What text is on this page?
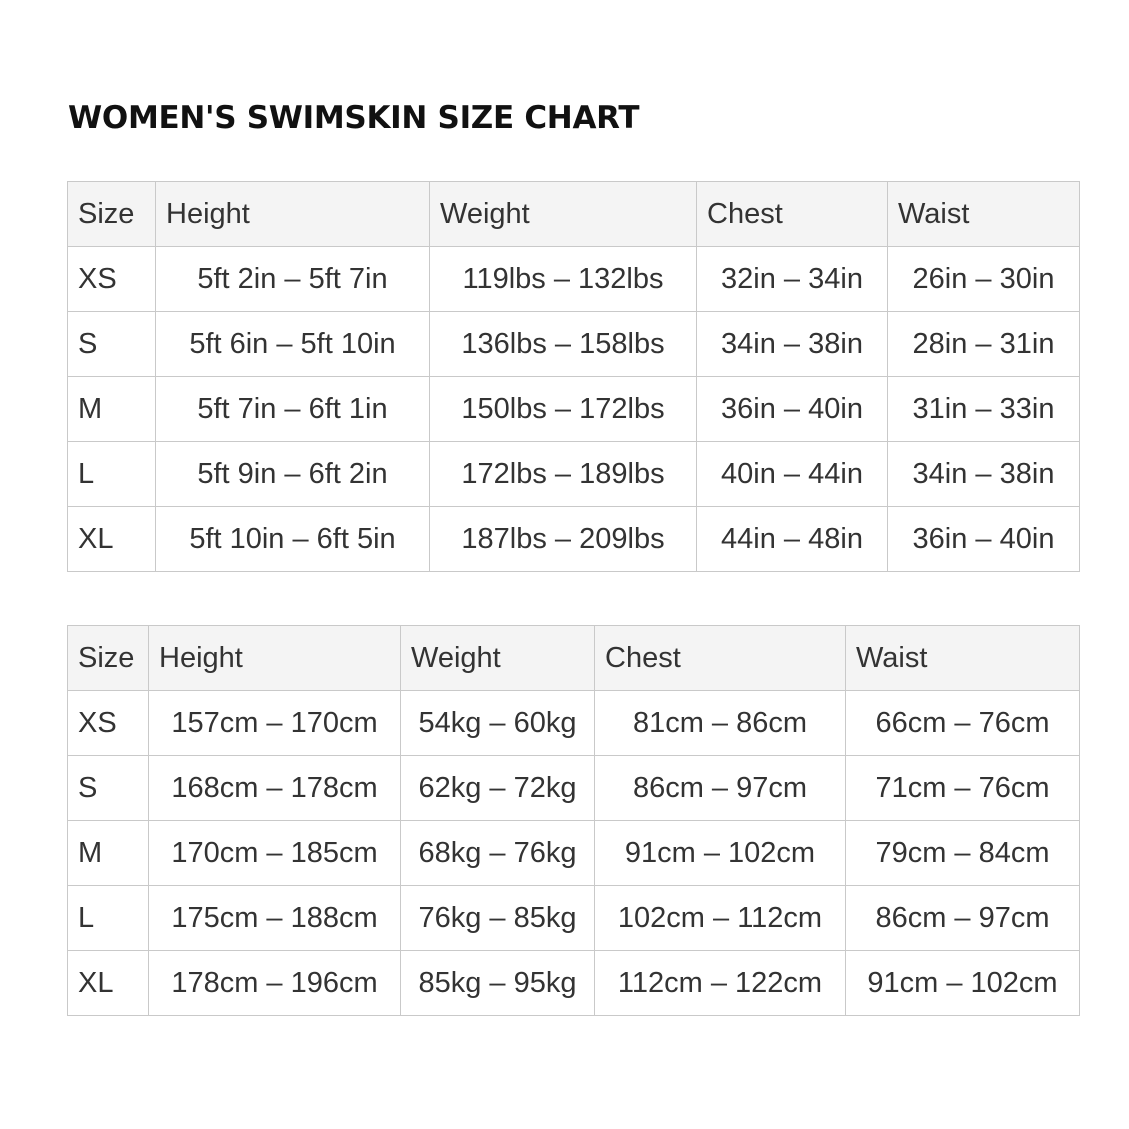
WOMEN'S SWIMSKIN SIZE CHART
Size	Height	Weight	Chest	Waist
XS	5ft 2in – 5ft 7in	119lbs – 132lbs	32in – 34in	26in – 30in
S	5ft 6in – 5ft 10in	136lbs – 158lbs	34in – 38in	28in – 31in
M	5ft 7in – 6ft 1in	150lbs – 172lbs	36in – 40in	31in – 33in
L	5ft 9in – 6ft 2in	172lbs – 189lbs	40in – 44in	34in – 38in
XL	5ft 10in – 6ft 5in	187lbs – 209lbs	44in – 48in	36in – 40in
Size	Height	Weight	Chest	Waist
XS	157cm – 170cm	54kg – 60kg	81cm – 86cm	66cm – 76cm
S	168cm – 178cm	62kg – 72kg	86cm – 97cm	71cm – 76cm
M	170cm – 185cm	68kg – 76kg	91cm – 102cm	79cm – 84cm
L	175cm – 188cm	76kg – 85kg	102cm – 112cm	86cm – 97cm
XL	178cm – 196cm	85kg – 95kg	112cm – 122cm	91cm – 102cm
